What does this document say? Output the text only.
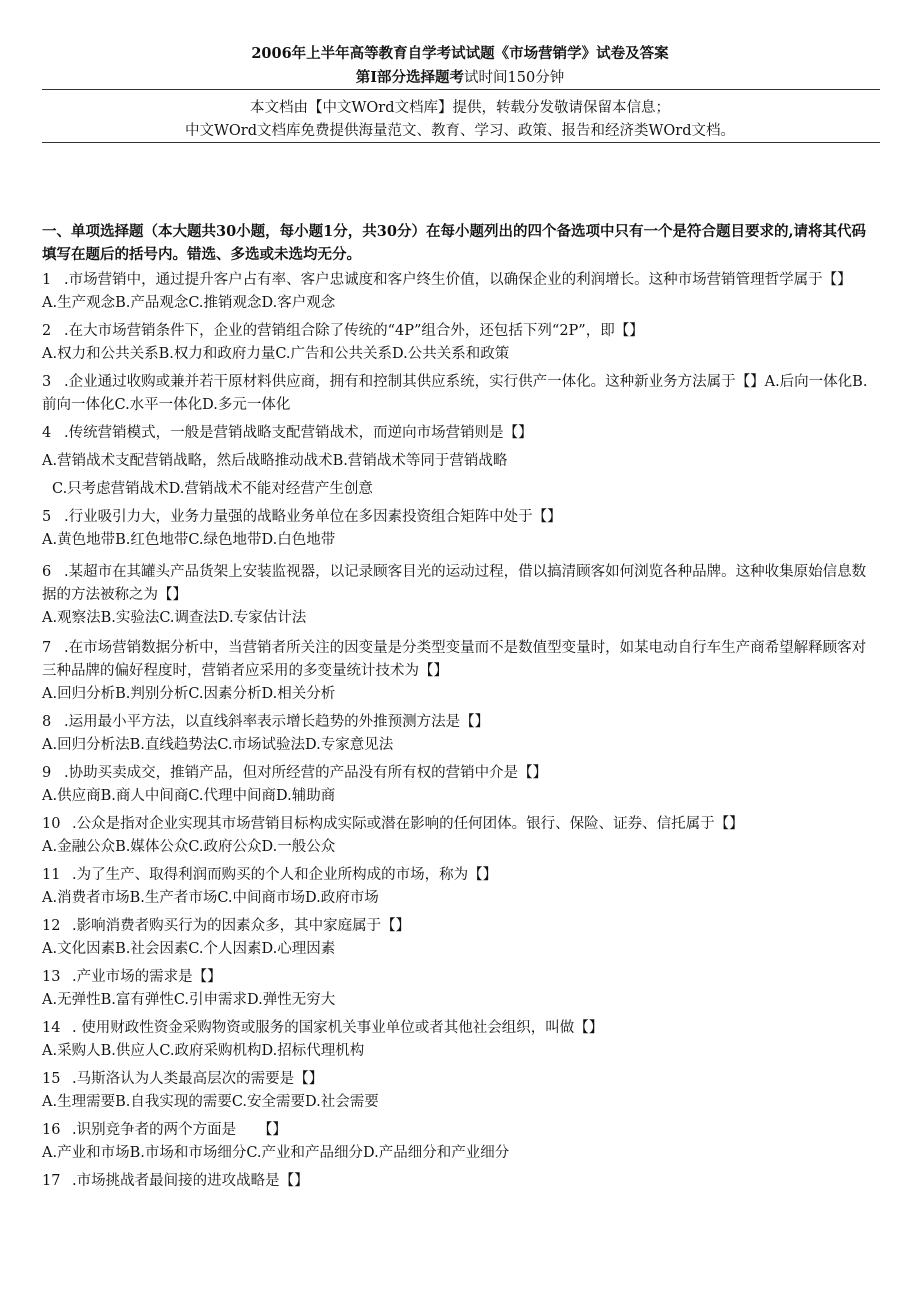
2006年上半年高等教育自学考试试题《市场营销学》试卷及答案
第I部分选择题考试时间150分钟
本文档由【中文WOrd文档库】提供，转载分发敬请保留本信息；
中文WOrd文档库免费提供海量范文、教育、学习、政策、报告和经济类WOrd文档。

一、单项选择题（本大题共30小题，每小题1分，共30分）在每小题列出的四个备选项中只有一个是符合题目要求的,请将其代码填写在题后的括号内。错选、多选或未选均无分。

1 .市场营销中，通过提升客户占有率、客户忠诚度和客户终生价值，以确保企业的利润增长。这种市场营销管理哲学属于【】

A.生产观念B.产品观念C.推销观念D.客户观念

2 .在大市场营销条件下，企业的营销组合除了传统的“4P”组合外，还包括下列“2P”，即【】

A.权力和公共关系B.权力和政府力量C.广告和公共关系D.公共关系和政策

3 .企业通过收购或兼并若干原材料供应商，拥有和控制其供应系统，实行供产一体化。这种新业务方法属于【】A.后向一体化B.前向一体化C.水平一体化D.多元一体化

4 .传统营销模式，一般是营销战略支配营销战术，而逆向市场营销则是【】

A.营销战术支配营销战略，然后战略推动战术B.营销战术等同于营销战略

C.只考虑营销战术D.营销战术不能对经营产生创意

5 .行业吸引力大，业务力量强的战略业务单位在多因素投资组合矩阵中处于【】

A.黄色地带B.红色地带C.绿色地带D.白色地带

6 .某超市在其罐头产品货架上安装监视器，以记录顾客目光的运动过程，借以搞清顾客如何浏览各种品牌。这种收集原始信息数据的方法被称之为【】

A.观察法B.实验法C.调查法D.专家估计法

7 .在市场营销数据分析中，当营销者所关注的因变量是分类型变量而不是数值型变量时，如某电动自行车生产商希望解释顾客对三种品牌的偏好程度时，营销者应采用的多变量统计技术为【】

A.回归分析B.判别分析C.因素分析D.相关分析

8 .运用最小平方法，以直线斜率表示增长趋势的外推预测方法是【】

A.回归分析法B.直线趋势法C.市场试验法D.专家意见法

9 .协助买卖成交，推销产品，但对所经营的产品没有所有权的营销中介是【】

A.供应商B.商人中间商C.代理中间商D.辅助商

10 .公众是指对企业实现其市场营销目标构成实际或潜在影响的任何团体。银行、保险、证券、信托属于【】

A.金融公众B.媒体公众C.政府公众D.一般公众

11 .为了生产、取得利润而购买的个人和企业所构成的市场，称为【】

A.消费者市场B.生产者市场C.中间商市场D.政府市场

12 .影响消费者购买行为的因素众多，其中家庭属于【】

A.文化因素B.社会因素C.个人因素D.心理因素

13 .产业市场的需求是【】

A.无弹性B.富有弹性C.引申需求D.弹性无穷大

14 . 使用财政性资金采购物资或服务的国家机关事业单位或者其他社会组织，叫做【】

A.采购人B.供应人C.政府采购机构D.招标代理机构

15 .马斯洛认为人类最高层次的需要是【】

A.生理需要B.自我实现的需要C.安全需要D.社会需要

16 .识别竞争者的两个方面是　　【】

A.产业和市场B.市场和市场细分C.产业和产品细分D.产品细分和产业细分

17 .市场挑战者最间接的进攻战略是【】
